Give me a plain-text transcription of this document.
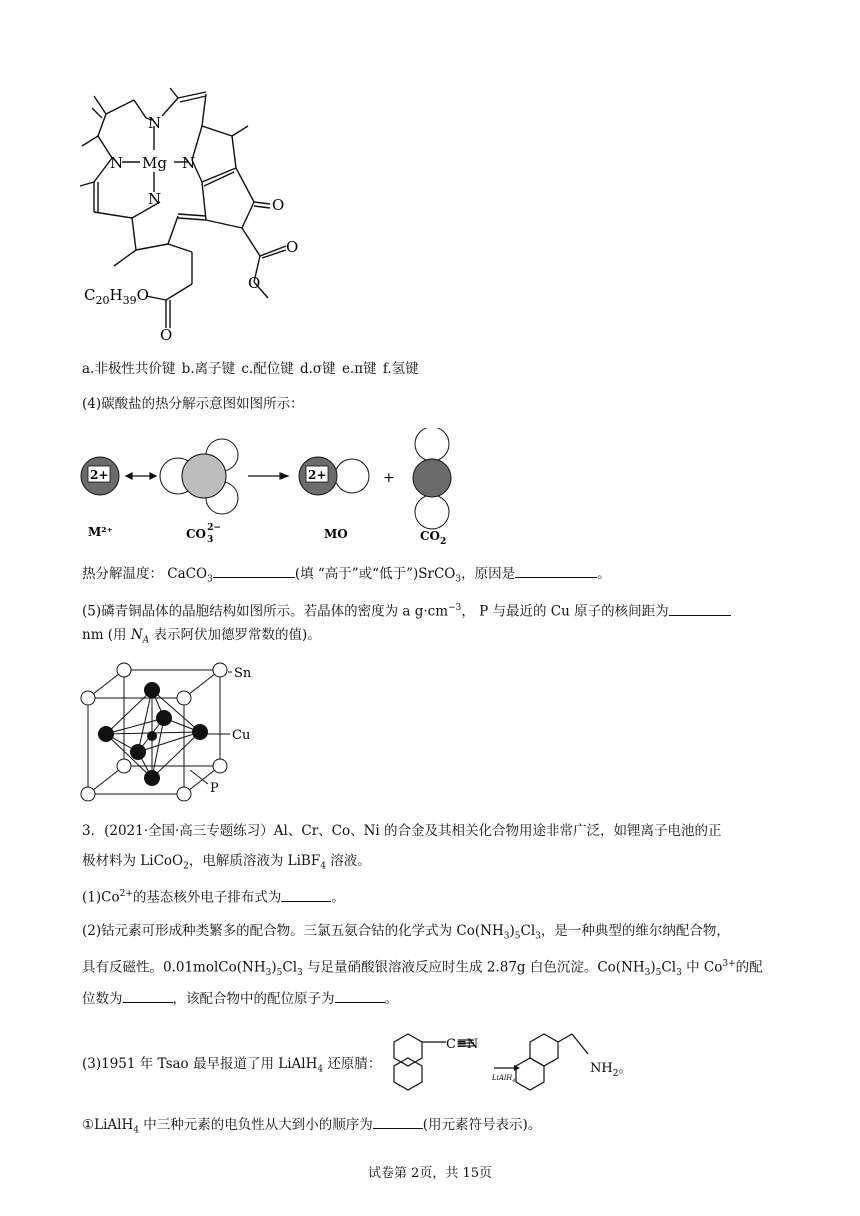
N
N Mg N
N	O
O
O
O
$C_{20}H_{39}O$
a.非极性共价键 b.离子键 c.配位键 d.σ键 e.π键 f.氢键
(4)碳酸盐的热分解示意图如图所示：
2+	2+	+
M²⁺	$CO_32-$	MO	$CO_2$
热分解温度： CaCO$_3$	(填 “高于”或“低于”)SrCO$_3$，原因是	。
(5)磷青铜晶体的晶胞结构如图所示。若晶体的密度为 a $g\cdot cm^{-3}$， P 与最近的 Cu 原子的核间距为
nm (用 $N_A$ 表示阿伏加德罗常数的值)。
Sn
Cu
P
3．(2021·全国·高三专题练习）Al、Cr、Co、Ni 的合金及其相关化合物用途非常广泛，如锂离子电池的正
极材料为 LiCoO$_2$，电解质溶液为 LiBF$_4$ 溶液。
$(1)Co^{2+}$的基态核外电子排布式为	。
(2)钴元素可形成种类繁多的配合物。三氯五氨合钴的化学式为 $Co(NH_3)_5Cl_3$，是一种典型的维尔纳配合物，
具有反磁性。$0.01molCo(NH_3)_5Cl_3$ 与足量硝酸银溶液反应时生成 2.87g 白色沉淀。$Co(NH_3)_5Cl_3$ 中 $Co^{3+}$的配
位数为	，该配合物中的配位原子为	。
(3)1951 年 Tsao 最早报道了用 LiAlH$_4$ 还原腈：
C≡N
LiAlH$_4$
$NH_2$。
①LiAlH$_4$ 中三种元素的电负性从大到小的顺序为	(用元素符号表示)。
试卷第 2页，共 15页
